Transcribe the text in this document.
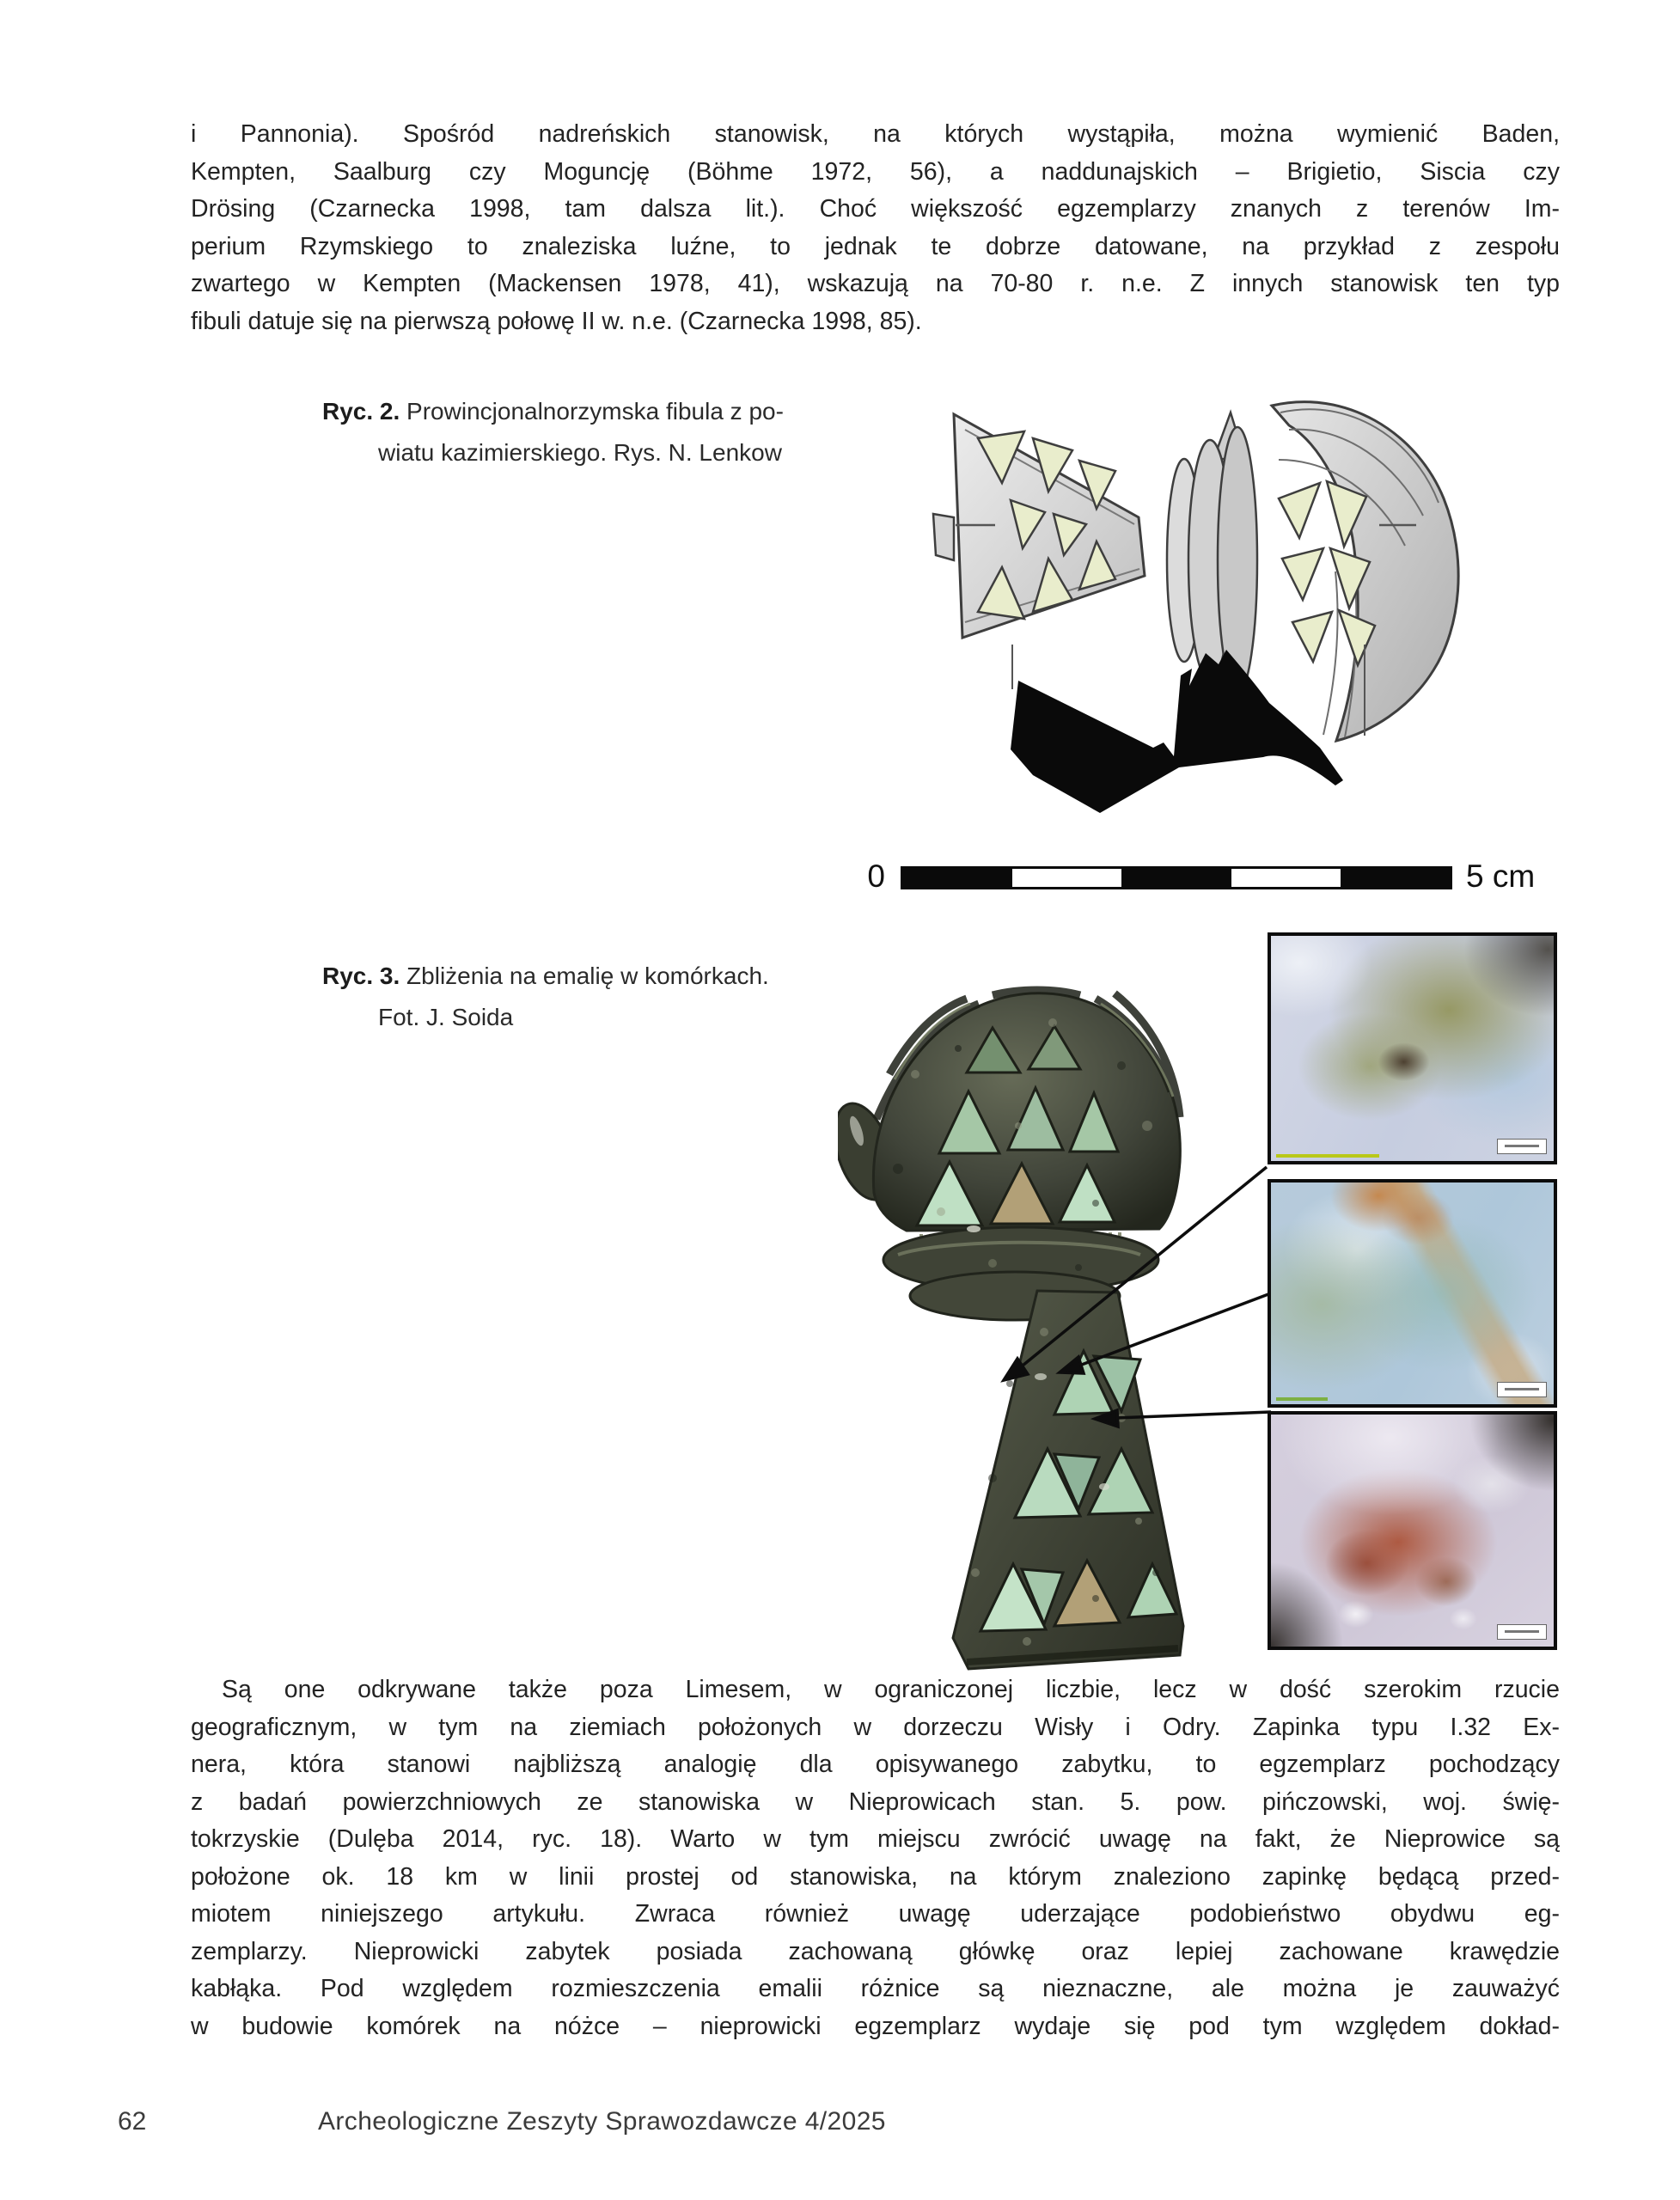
i Pannonia). Spośród nadreńskich stanowisk, na których wystąpiła, można wymienić Baden,
Kempten, Saalburg czy Moguncję (Böhme 1972, 56), a naddunajskich – Brigietio, Siscia czy
Drösing (Czarnecka 1998, tam dalsza lit.). Choć większość egzemplarzy znanych z terenów Im-
perium Rzymskiego to znaleziska luźne, to jednak te dobrze datowane, na przykład z zespołu
zwartego w Kempten (Mackensen 1978, 41), wskazują na 70-80 r. n.e. Z innych stanowisk ten typ
fibuli datuje się na pierwszą połowę II w. n.e. (Czarnecka 1998, 85).
Ryc. 2. Prowincjonalnorzymska fibula z po-
wiatu kazimierskiego. Rys. N. Lenkow
0	5 cm
Ryc. 3. Zbliżenia na emalię w komórkach.
Fot. J. Soida
Są one odkrywane także poza Limesem, w ograniczonej liczbie, lecz w dość szerokim rzucie
geograficznym, w tym na ziemiach położonych w dorzeczu Wisły i Odry. Zapinka typu I.32 Ex-
nera, która stanowi najbliższą analogię dla opisywanego zabytku, to egzemplarz pochodzący
z badań powierzchniowych ze stanowiska w Nieprowicach stan. 5. pow. pińczowski, woj. świę-
tokrzyskie (Dulęba 2014, ryc. 18). Warto w tym miejscu zwrócić uwagę na fakt, że Nieprowice są
położone ok. 18 km w linii prostej od stanowiska, na którym znaleziono zapinkę będącą przed-
miotem niniejszego artykułu. Zwraca również uwagę uderzające podobieństwo obydwu eg-
zemplarzy. Nieprowicki zabytek posiada zachowaną główkę oraz lepiej zachowane krawędzie
kabłąka. Pod względem rozmieszczenia emalii różnice są nieznaczne, ale można je zauważyć
w budowie komórek na nóżce – nieprowicki egzemplarz wydaje się pod tym względem dokład-
62	Archeologiczne Zeszyty Sprawozdawcze 4/2025
